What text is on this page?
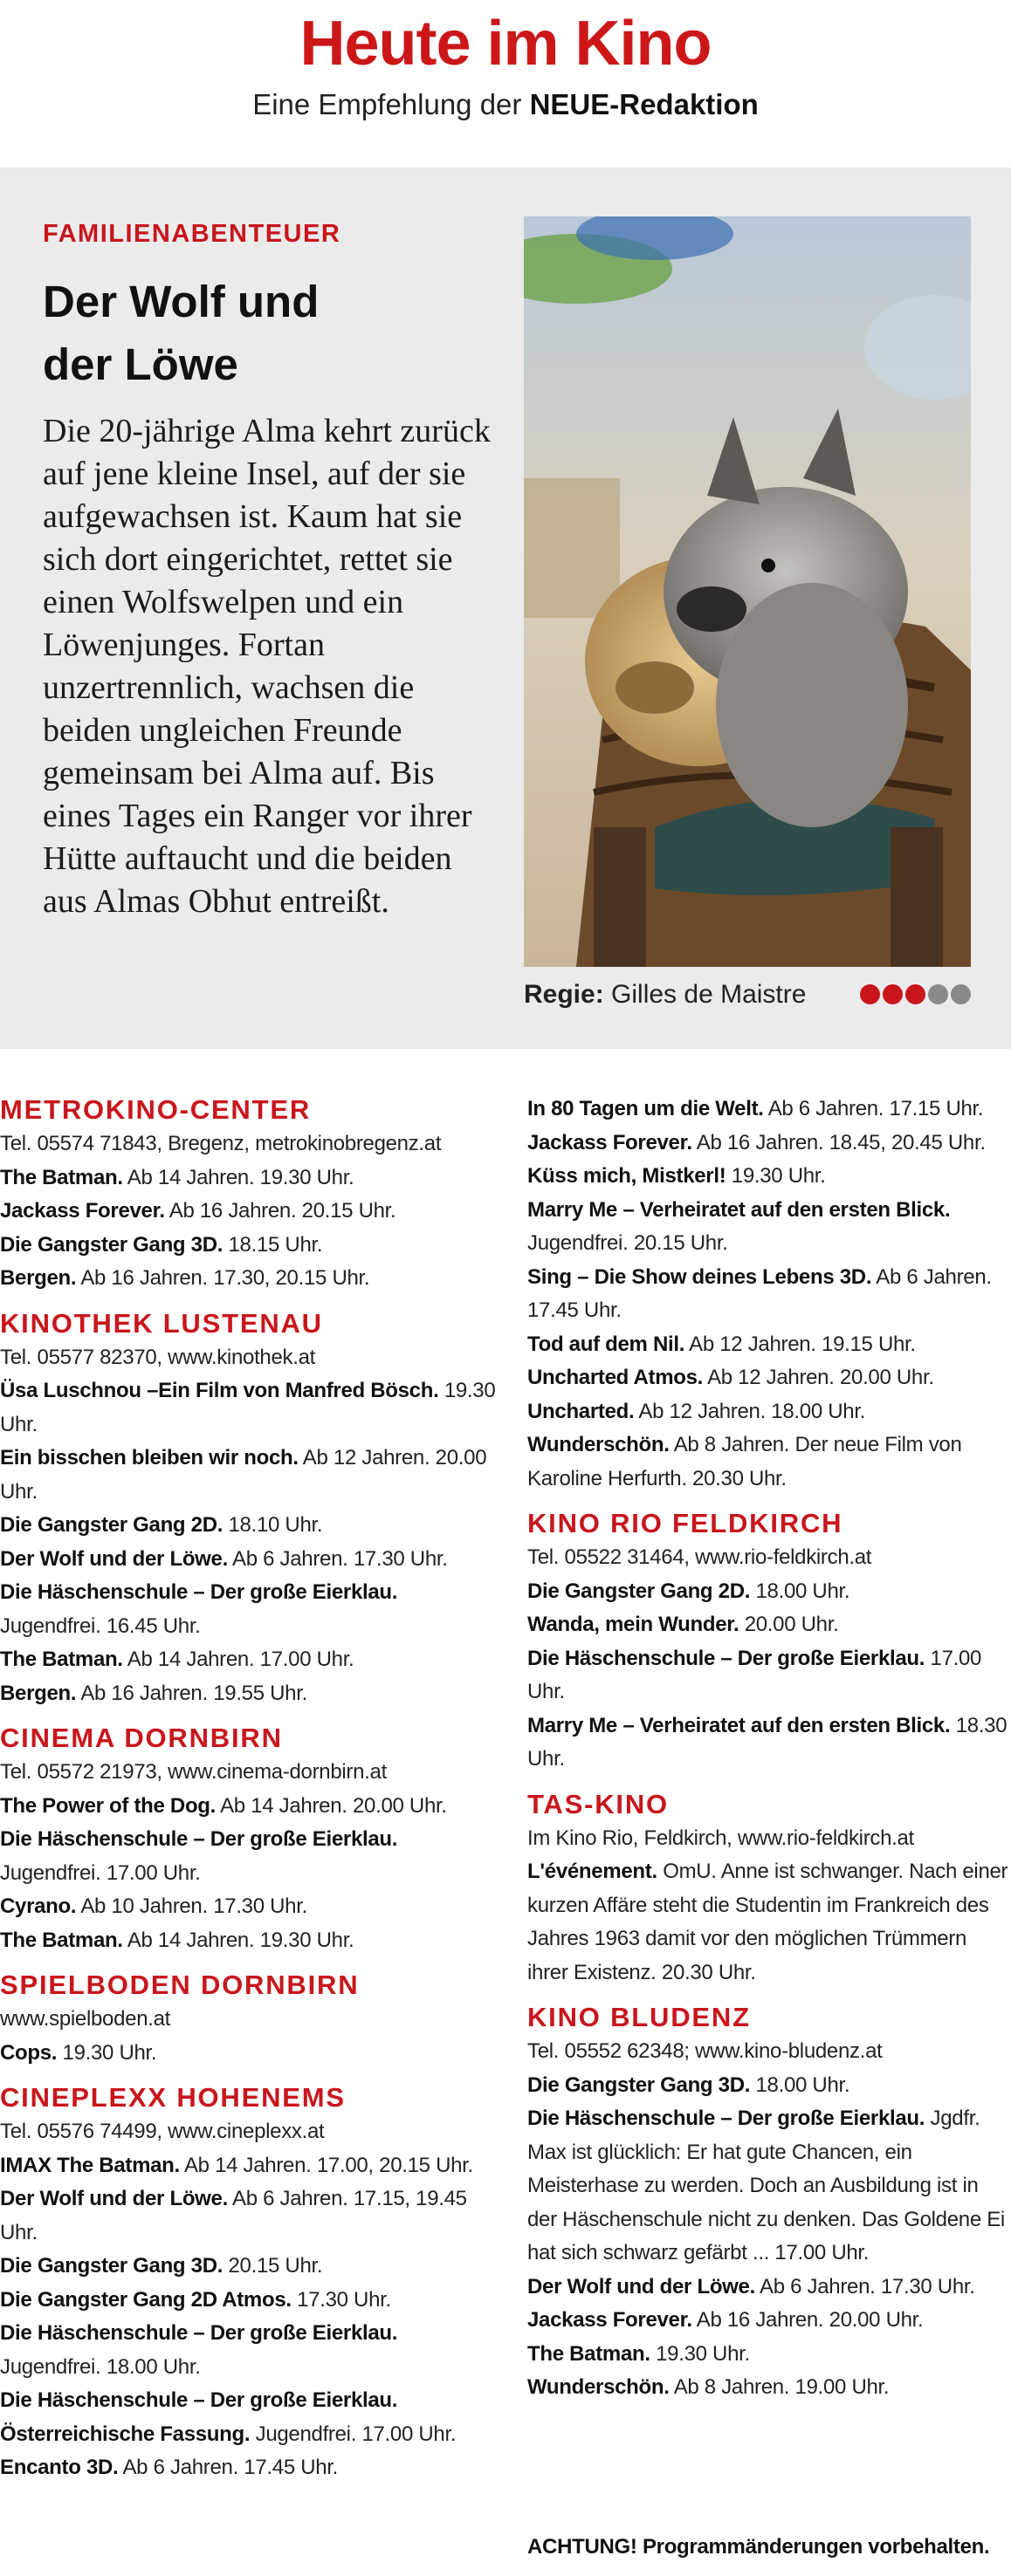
Heute im Kino
Eine Empfehlung der NEUE-Redaktion
FAMILIENABENTEUER
Der Wolf und der Löwe

Die 20-jährige Alma kehrt zurück auf jene kleine Insel, auf der sie aufgewachsen ist. Kaum hat sie sich dort eingerichtet, rettet sie einen Wolfswelpen und ein Löwenjunges. Fortan unzertrennlich, wachsen die beiden ungleichen Freunde gemeinsam bei Alma auf. Bis eines Tages ein Ranger vor ihrer Hütte auftaucht und die beiden aus Almas Obhut entreißt.

Regie: Gilles de Maistre
METROKINO-CENTER
Tel. 05574 71843, Bregenz, metrokinobregenz.at
The Batman. Ab 14 Jahren. 19.30 Uhr.
Jackass Forever. Ab 16 Jahren. 20.15 Uhr.
Die Gangster Gang 3D. 18.15 Uhr.
Bergen. Ab 16 Jahren. 17.30, 20.15 Uhr.
KINOTHEK LUSTENAU
Tel. 05577 82370, www.kinothek.at
Üsa Luschnou –Ein Film von Manfred Bösch. 19.30 Uhr.
Ein bisschen bleiben wir noch. Ab 12 Jahren. 20.00 Uhr.
Die Gangster Gang 2D. 18.10 Uhr.
Der Wolf und der Löwe. Ab 6 Jahren. 17.30 Uhr.
Die Häschenschule – Der große Eierklau. Jugendfrei. 16.45 Uhr.
The Batman. Ab 14 Jahren. 17.00 Uhr.
Bergen. Ab 16 Jahren. 19.55 Uhr.
CINEMA DORNBIRN
Tel. 05572 21973, www.cinema-dornbirn.at
The Power of the Dog. Ab 14 Jahren. 20.00 Uhr.
Die Häschenschule – Der große Eierklau. Jugendfrei. 17.00 Uhr.
Cyrano. Ab 10 Jahren. 17.30 Uhr.
The Batman. Ab 14 Jahren. 19.30 Uhr.
SPIELBODEN DORNBIRN
www.spielboden.at
Cops. 19.30 Uhr.
CINEPLEXX HOHENEMS
Tel. 05576 74499, www.cineplexx.at
IMAX The Batman. Ab 14 Jahren. 17.00, 20.15 Uhr.
Der Wolf und der Löwe. Ab 6 Jahren. 17.15, 19.45 Uhr.
Die Gangster Gang 3D. 20.15 Uhr.
Die Gangster Gang 2D Atmos. 17.30 Uhr.
Die Häschenschule – Der große Eierklau. Jugendfrei. 18.00 Uhr.
Die Häschenschule – Der große Eierklau. Österreichische Fassung. Jugendfrei. 17.00 Uhr.
Encanto 3D. Ab 6 Jahren. 17.45 Uhr.
In 80 Tagen um die Welt. Ab 6 Jahren. 17.15 Uhr.
Jackass Forever. Ab 16 Jahren. 18.45, 20.45 Uhr.
Küss mich, Mistkerl! 19.30 Uhr.
Marry Me – Verheiratet auf den ersten Blick. Jugendfrei. 20.15 Uhr.
Sing – Die Show deines Lebens 3D. Ab 6 Jahren. 17.45 Uhr.
Tod auf dem Nil. Ab 12 Jahren. 19.15 Uhr.
Uncharted Atmos. Ab 12 Jahren. 20.00 Uhr.
Uncharted. Ab 12 Jahren. 18.00 Uhr.
Wunderschön. Ab 8 Jahren. Der neue Film von Karoline Herfurth. 20.30 Uhr.
KINO RIO FELDKIRCH
Tel. 05522 31464, www.rio-feldkirch.at
Die Gangster Gang 2D. 18.00 Uhr.
Wanda, mein Wunder. 20.00 Uhr.
Die Häschenschule – Der große Eierklau. 17.00 Uhr.
Marry Me – Verheiratet auf den ersten Blick. 18.30 Uhr.
TAS-KINO
Im Kino Rio, Feldkirch, www.rio-feldkirch.at
L'événement. OmU. Anne ist schwanger. Nach einer kurzen Affäre steht die Studentin im Frankreich des Jahres 1963 damit vor den möglichen Trümmern ihrer Existenz. 20.30 Uhr.
KINO BLUDENZ
Tel. 05552 62348; www.kino-bludenz.at
Die Gangster Gang 3D. 18.00 Uhr.
Die Häschenschule – Der große Eierklau. Jgdfr. Max ist glücklich: Er hat gute Chancen, ein Meisterhase zu werden. Doch an Ausbildung ist in der Häschenschule nicht zu denken. Das Goldene Ei hat sich schwarz gefärbt ... 17.00 Uhr.
Der Wolf und der Löwe. Ab 6 Jahren. 17.30 Uhr.
Jackass Forever. Ab 16 Jahren. 20.00 Uhr.
The Batman. 19.30 Uhr.
Wunderschön. Ab 8 Jahren. 19.00 Uhr.
ACHTUNG! Programmänderungen vorbehalten.
